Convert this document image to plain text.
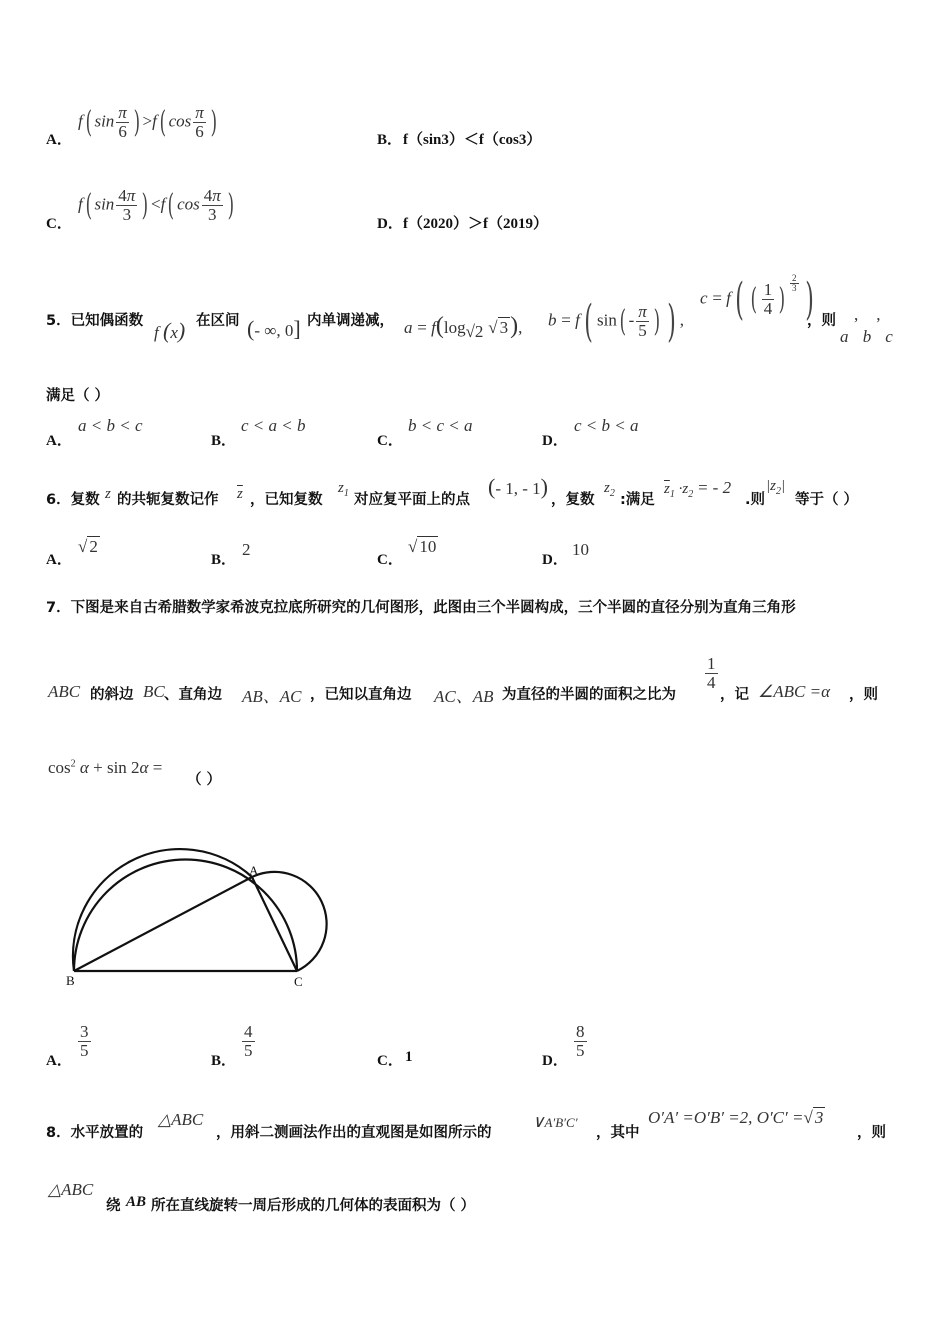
A．
f( $\sin \frac{\pi}{6}$ ) >f( $\cos \frac{\pi}{6}$ )
B． f（sin3）＜f（cos3）
C．
f( $\sin \frac{4\pi}{3}$ ) <f( $\cos \frac{4\pi}{3}$ )
D． f（2020）＞f（2019）
5．已知偶函数
f (x) 在区间 (- ∞, 0] 内单调递减， $a = f(\log_{√2}$ √ 3), b = f( $\sin( - \frac{\pi}{5}$ ) ) ,
c = f( ( $\frac{1}{4}$ ) $^{\frac{2}{3}}$ )
，则
a b c
, ,
满足（ ）
A．
a < b < c
B．
c < a < b
C．
b < c < a
D．
c < b < a
6．复数 z 的共轭复数记作 $\overline{z}$ ，已知复数
$z_1$ 对应复平面上的点
(- 1, - 1)
，复数
$z_2$ :满足
$\overline{z}_1 \cdot z_2$ = - 2
.则
$|z_2|$
等于（ ）
A．
√ 2
B．
2
C．
√ 10
D．
10
7．下图是来自古希腊数学家希波克拉底所研究的几何图形，此图由三个半圆构成，三个半圆的直径分别为直角三角形
ABC 的斜边 BC 、直角边 AB、AC ，已知以直角边 AC、AB 为直径的半圆的面积之比为
$\frac{1}{4}$
，记 ∠ABC =α ，则
$\cos^2 \alpha + \sin 2\alpha$ =
（ ）
A
B	C
A．
$\frac{3}{5}$
B．
$\frac{4}{5}$
C． 1	D．
$\frac{8}{5}$
8．水平放置的
△ABC
，用斜二测画法作出的直观图是如图所示的
∨A′B′C′
，其中
O′A′ =O′B′ =2, O′C′ =√ 3
，则
△ABC
绕 AB 所在直线旋转一周后形成的几何体的表面积为（ ）
